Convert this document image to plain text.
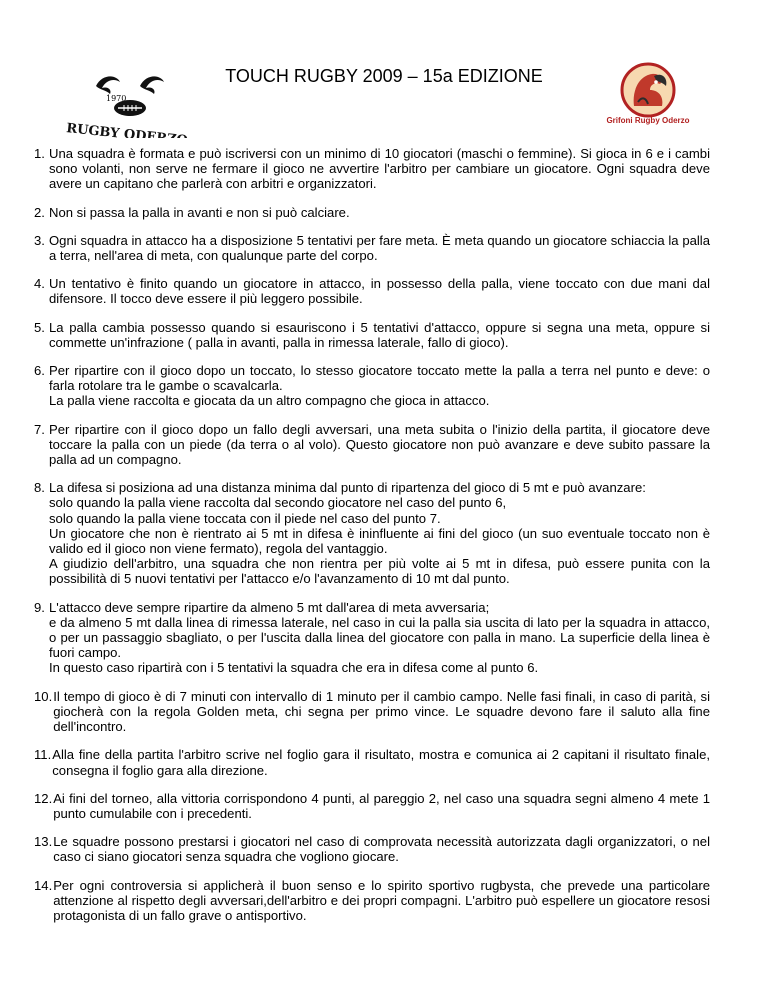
RUGBY ODERZO
1970
TOUCH RUGBY 2009 – 15a EDIZIONE
Grifoni Rugby Oderzo
1. Una squadra è formata e può iscriversi con un minimo di 10 giocatori (maschi o femmine). Si gioca in 6 e i cambi sono volanti, non serve ne fermare il gioco ne avvertire l'arbitro per cambiare un giocatore. Ogni squadra deve avere un capitano che parlerà con arbitri e organizzatori.
2. Non si passa la palla in avanti e non si può calciare.
3. Ogni squadra in attacco ha a disposizione 5 tentativi per fare meta. È meta quando un giocatore schiaccia la palla a terra, nell'area di meta, con qualunque parte del corpo.
4. Un tentativo è finito quando un giocatore in attacco, in possesso della palla, viene toccato con due mani dal difensore. Il tocco deve essere il più leggero possibile.
5. La palla cambia possesso quando si esauriscono i 5 tentativi d'attacco, oppure si segna una meta, oppure si commette un'infrazione ( palla in avanti, palla in rimessa laterale, fallo di gioco).
6. Per ripartire con il gioco dopo un toccato, lo stesso giocatore toccato mette la palla a terra nel punto e deve: o farla rotolare tra le gambe o scavalcarla.
La palla viene raccolta e giocata da un altro compagno che gioca in attacco.
7. Per ripartire con il gioco dopo un fallo degli avversari, una meta subita o l'inizio della partita, il giocatore deve toccare la palla con un piede (da terra o al volo). Questo giocatore non può avanzare e deve subito passare la palla ad un compagno.
8. La difesa si posiziona ad una distanza minima dal punto di ripartenza del gioco di 5 mt e può avanzare:
solo quando la palla viene raccolta dal secondo giocatore nel caso del punto 6,
solo quando la palla viene toccata con il piede nel caso del punto 7.
Un giocatore che non è rientrato ai 5 mt in difesa è ininfluente ai fini del gioco (un suo eventuale toccato non è valido ed il gioco non viene fermato), regola del vantaggio.
A giudizio dell'arbitro, una squadra che non rientra per più volte ai 5 mt in difesa, può essere punita con la possibilità di 5 nuovi tentativi per l'attacco e/o l'avanzamento di 10 mt dal punto.
9. L'attacco deve sempre ripartire da almeno 5 mt dall'area di meta avversaria;
e da almeno 5 mt dalla linea di rimessa laterale, nel caso in cui la palla sia uscita di lato per la squadra in attacco, o per un passaggio sbagliato, o per l'uscita dalla linea del giocatore con palla in mano. La superficie della linea è fuori campo.
In questo caso ripartirà con i 5 tentativi la squadra che era in difesa come al punto 6.
10. Il tempo di gioco è di 7 minuti con intervallo di 1 minuto per il cambio campo. Nelle fasi finali, in caso di parità, si giocherà con la regola Golden meta, chi segna per primo vince. Le squadre devono fare il saluto alla fine dell'incontro.
11. Alla fine della partita l'arbitro scrive nel foglio gara il risultato, mostra e comunica ai 2 capitani il risultato finale, consegna il foglio gara alla direzione.
12. Ai fini del torneo, alla vittoria corrispondono 4 punti, al pareggio 2, nel caso una squadra segni almeno 4 mete 1 punto cumulabile con i precedenti.
13. Le squadre possono prestarsi i giocatori nel caso di comprovata necessità autorizzata dagli organizzatori, o nel caso ci siano giocatori senza squadra che vogliono giocare.
14. Per ogni controversia si applicherà il buon senso e lo spirito sportivo rugbysta, che prevede una particolare attenzione al rispetto degli avversari,dell'arbitro e dei propri compagni. L'arbitro può espellere un giocatore resosi protagonista di un fallo grave o antisportivo.
